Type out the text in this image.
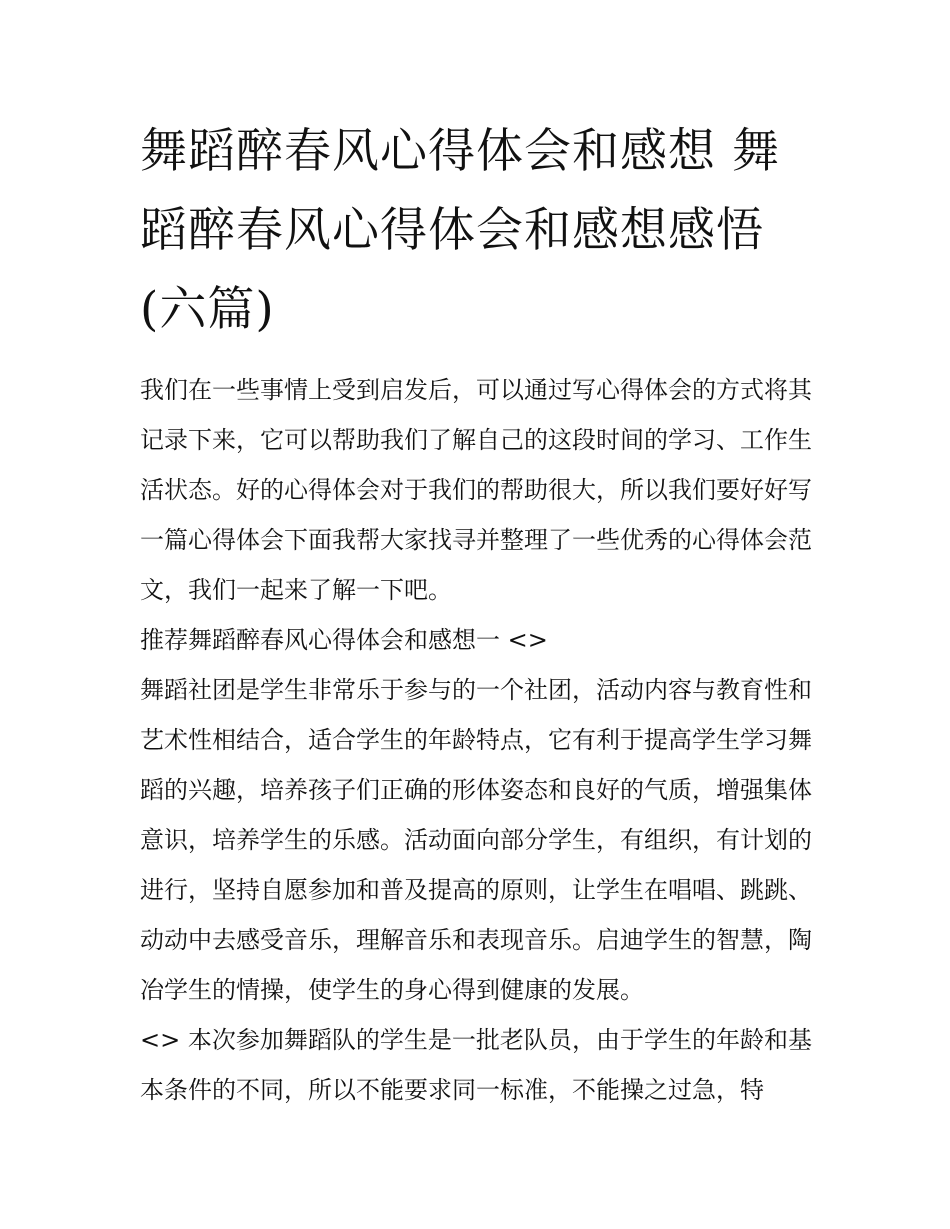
舞蹈醉春风心得体会和感想 舞蹈醉春风心得体会和感想感悟(六篇)

我们在一些事情上受到启发后，可以通过写心得体会的方式将其记录下来，它可以帮助我们了解自己的这段时间的学习、工作生活状态。好的心得体会对于我们的帮助很大，所以我们要好好写一篇心得体会下面我帮大家找寻并整理了一些优秀的心得体会范文，我们一起来了解一下吧。

推荐舞蹈醉春风心得体会和感想一 <>

舞蹈社团是学生非常乐于参与的一个社团，活动内容与教育性和艺术性相结合，适合学生的年龄特点，它有利于提高学生学习舞蹈的兴趣，培养孩子们正确的形体姿态和良好的气质，增强集体意识，培养学生的乐感。活动面向部分学生，有组织，有计划的进行，坚持自愿参加和普及提高的原则，让学生在唱唱、跳跳、动动中去感受音乐，理解音乐和表现音乐。启迪学生的智慧，陶冶学生的情操，使学生的身心得到健康的发展。

<> 本次参加舞蹈队的学生是一批老队员，由于学生的年龄和基本条件的不同，所以不能要求同一标准，不能操之过急，特
